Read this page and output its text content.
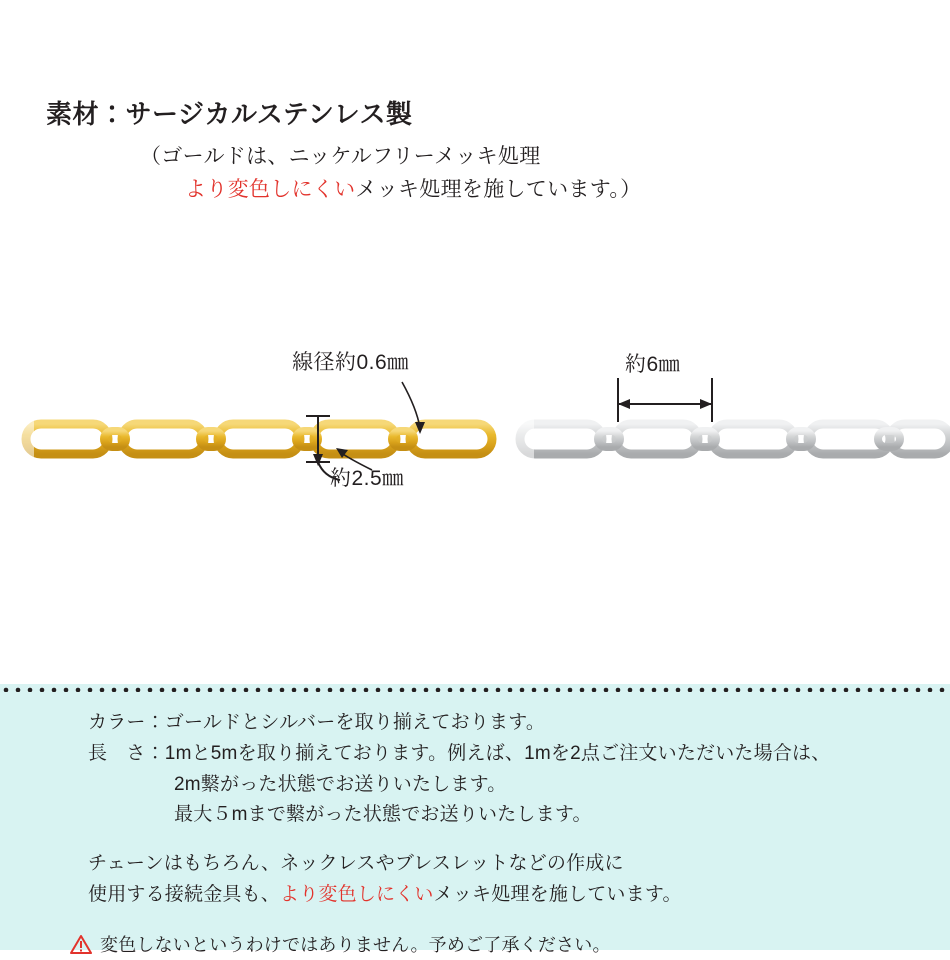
素材：サージカルステンレス製
（ゴールドは、ニッケルフリーメッキ処理
より変色しにくいメッキ処理を施しています。）
線径約0.6㎜
約2.5㎜
約6㎜
カラー：ゴールドとシルバーを取り揃えております。
長　さ：1mと5mを取り揃えております。例えば、1mを2点ご注文いただいた場合は、
2m繋がった状態でお送りいたします。
最大５mまで繋がった状態でお送りいたします。
チェーンはもちろん、ネックレスやブレスレットなどの作成に
使用する接続金具も、より変色しにくいメッキ処理を施しています。
変色しないというわけではありません。予めご了承ください。
